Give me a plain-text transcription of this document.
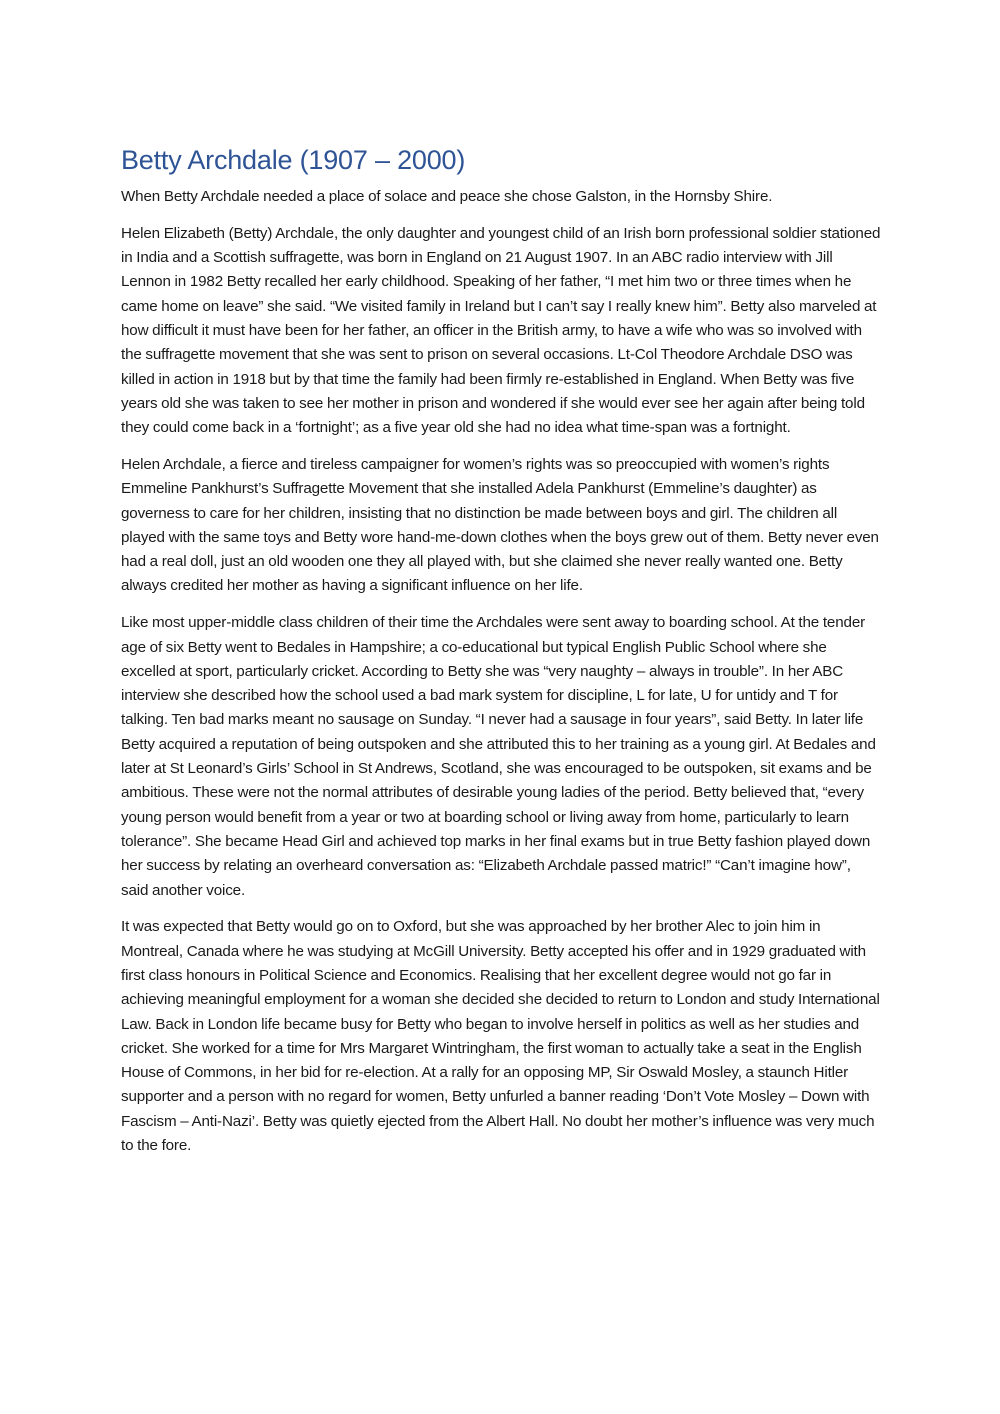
Betty Archdale (1907 – 2000)

When Betty Archdale needed a place of solace and peace she chose Galston, in the Hornsby Shire.

Helen Elizabeth (Betty) Archdale, the only daughter and youngest child of an Irish born professional soldier stationed in India and a Scottish suffragette, was born in England on 21 August 1907. In an ABC radio interview with Jill Lennon in 1982 Betty recalled her early childhood. Speaking of her father, “I met him two or three times when he came home on leave” she said. “We visited family in Ireland but I can’t say I really knew him”. Betty also marveled at how difficult it must have been for her father, an officer in the British army, to have a wife who was so involved with the suffragette movement that she was sent to prison on several occasions. Lt-Col Theodore Archdale DSO was killed in action in 1918 but by that time the family had been firmly re-established in England. When Betty was five years old she was taken to see her mother in prison and wondered if she would ever see her again after being told they could come back in a ‘fortnight’; as a five year old she had no idea what time-span was a fortnight.

Helen Archdale, a fierce and tireless campaigner for women’s rights was so preoccupied with women’s rights Emmeline Pankhurst’s Suffragette Movement that she installed Adela Pankhurst (Emmeline’s daughter) as governess to care for her children, insisting that no distinction be made between boys and girl. The children all played with the same toys and Betty wore hand-me-down clothes when the boys grew out of them. Betty never even had a real doll, just an old wooden one they all played with, but she claimed she never really wanted one. Betty always credited her mother as having a significant influence on her life.

Like most upper-middle class children of their time the Archdales were sent away to boarding school. At the tender age of six Betty went to Bedales in Hampshire; a co-educational but typical English Public School where she excelled at sport, particularly cricket. According to Betty she was “very naughty – always in trouble”. In her ABC interview she described how the school used a bad mark system for discipline, L for late, U for untidy and T for talking. Ten bad marks meant no sausage on Sunday. “I never had a sausage in four years”, said Betty. In later life Betty acquired a reputation of being outspoken and she attributed this to her training as a young girl. At Bedales and later at St Leonard’s Girls’ School in St Andrews, Scotland, she was encouraged to be outspoken, sit exams and be ambitious. These were not the normal attributes of desirable young ladies of the period. Betty believed that, “every young person would benefit from a year or two at boarding school or living away from home, particularly to learn tolerance”. She became Head Girl and achieved top marks in her final exams but in true Betty fashion played down her success by relating an overheard conversation as: “Elizabeth Archdale passed matric!” “Can’t imagine how”, said another voice.

It was expected that Betty would go on to Oxford, but she was approached by her brother Alec to join him in Montreal, Canada where he was studying at McGill University. Betty accepted his offer and in 1929 graduated with first class honours in Political Science and Economics. Realising that her excellent degree would not go far in achieving meaningful employment for a woman she decided she decided to return to London and study International Law. Back in London life became busy for Betty who began to involve herself in politics as well as her studies and cricket. She worked for a time for Mrs Margaret Wintringham, the first woman to actually take a seat in the English House of Commons, in her bid for re-election. At a rally for an opposing MP, Sir Oswald Mosley, a staunch Hitler supporter and a person with no regard for women, Betty unfurled a banner reading ‘Don’t Vote Mosley – Down with Fascism – Anti-Nazi’. Betty was quietly ejected from the Albert Hall. No doubt her mother’s influence was very much to the fore.
